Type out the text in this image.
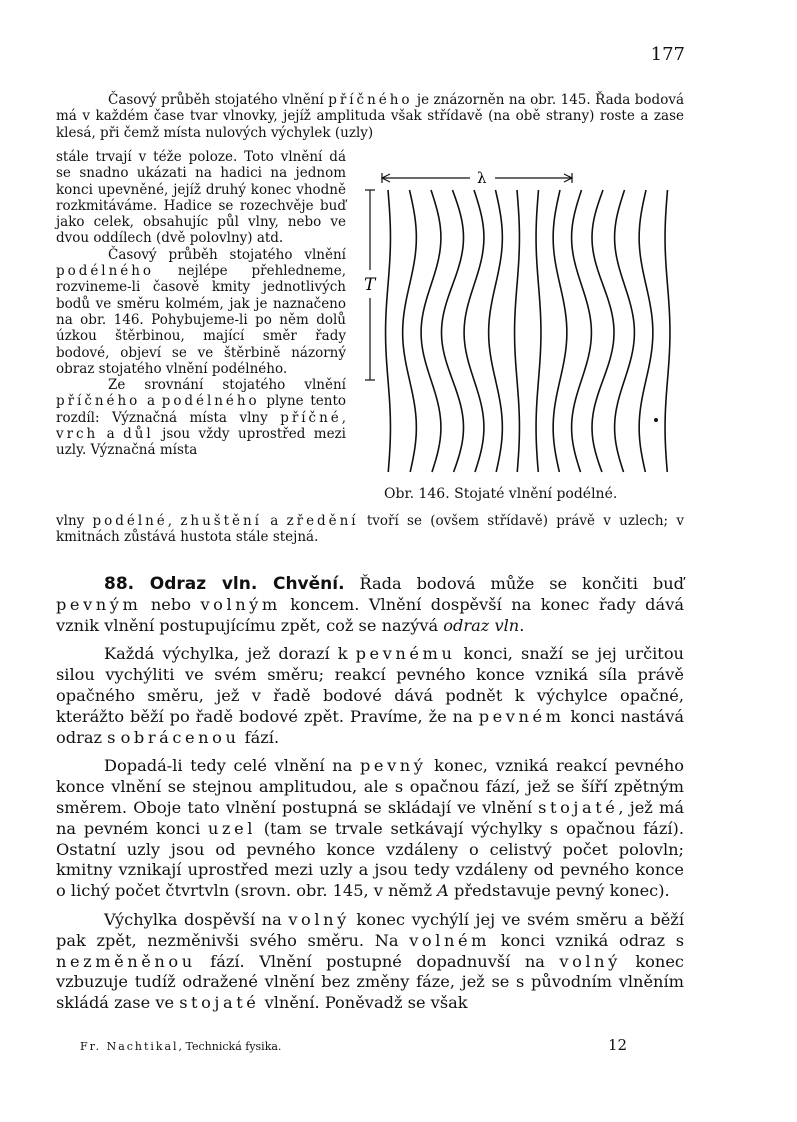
177
Časový průběh stojatého vlnění příčného je znázorněn na obr. 145. Řada bodová má v každém čase tvar vlnovky, jejíž amplituda však střídavě (na obě strany) roste a zase klesá, při čemž místa nulových výchylek (uzly)
stále trvají v téže poloze. Toto vlnění dá se snadno ukázati na hadici na jednom konci upevněné, jejíž druhý konec vhodně rozkmitáváme. Hadice se rozechvěje buď jako celek, obsahujíc půl vlny, nebo ve dvou oddílech (dvě polovlny) atd.
Časový průběh stojatého vlnění podélného nejlépe přehledneme, rozvineme-li časově kmity jednotlivých bodů ve směru kolmém, jak je naznačeno na obr. 146. Pohybujeme-li po něm dolů úzkou štěrbinou, mající směr řady bodové, objeví se ve štěrbině názorný obraz stojatého vlnění podélného.
Ze srovnání stojatého vlnění příčného a podélného plyne tento rozdíl: Význačná místa vlny příčné, vrch a důl jsou vždy uprostřed mezi uzly. Význačná místa
vlny podélné, zhuštění a zředění tvoří se (ovšem střídavě) právě v uzlech; v kmitnách zůstává hustota stále stejná.
λ
T
Obr. 146. Stojaté vlnění podélné.

88. Odraz vln. Chvění. Řada bodová může se končiti buď pevným nebo volným koncem. Vlnění dospěvší na konec řady dává vznik vlnění postupujícímu zpět, což se nazývá odraz vln.

Každá výchylka, jež dorazí k pevnému konci, snaží se jej určitou silou vychýliti ve svém směru; reakcí pevného konce vzniká síla právě opačného směru, jež v řadě bodové dává podnět k výchylce opačné, kterážto běží po řadě bodové zpět. Pravíme, že na pevném konci nastává odraz s obrácenou fází.

Dopadá-li tedy celé vlnění na pevný konec, vzniká reakcí pevného konce vlnění se stejnou amplitudou, ale s opačnou fází, jež se šíří zpětným směrem. Oboje tato vlnění postupná se skládají ve vlnění stojaté, jež má na pevném konci uzel (tam se trvale setkávají výchylky s opačnou fází). Ostatní uzly jsou od pevného konce vzdáleny o celistvý počet polovln; kmitny vznikají uprostřed mezi uzly a jsou tedy vzdáleny od pevného konce o lichý počet čtvrtvln (srovn. obr. 145, v němž A představuje pevný konec).

Výchylka dospěvší na volný konec vychýlí jej ve svém směru a běží pak zpět, nezměnivši svého směru. Na volném konci vzniká odraz s nezměněnou fází. Vlnění postupné dopadnuvší na volný konec vzbuzuje tudíž odražené vlnění bez změny fáze, jež se s původním vlněním skládá zase ve stojaté vlnění. Poněvadž se však

Fr. Nachtikal, Technická fysika.	12
